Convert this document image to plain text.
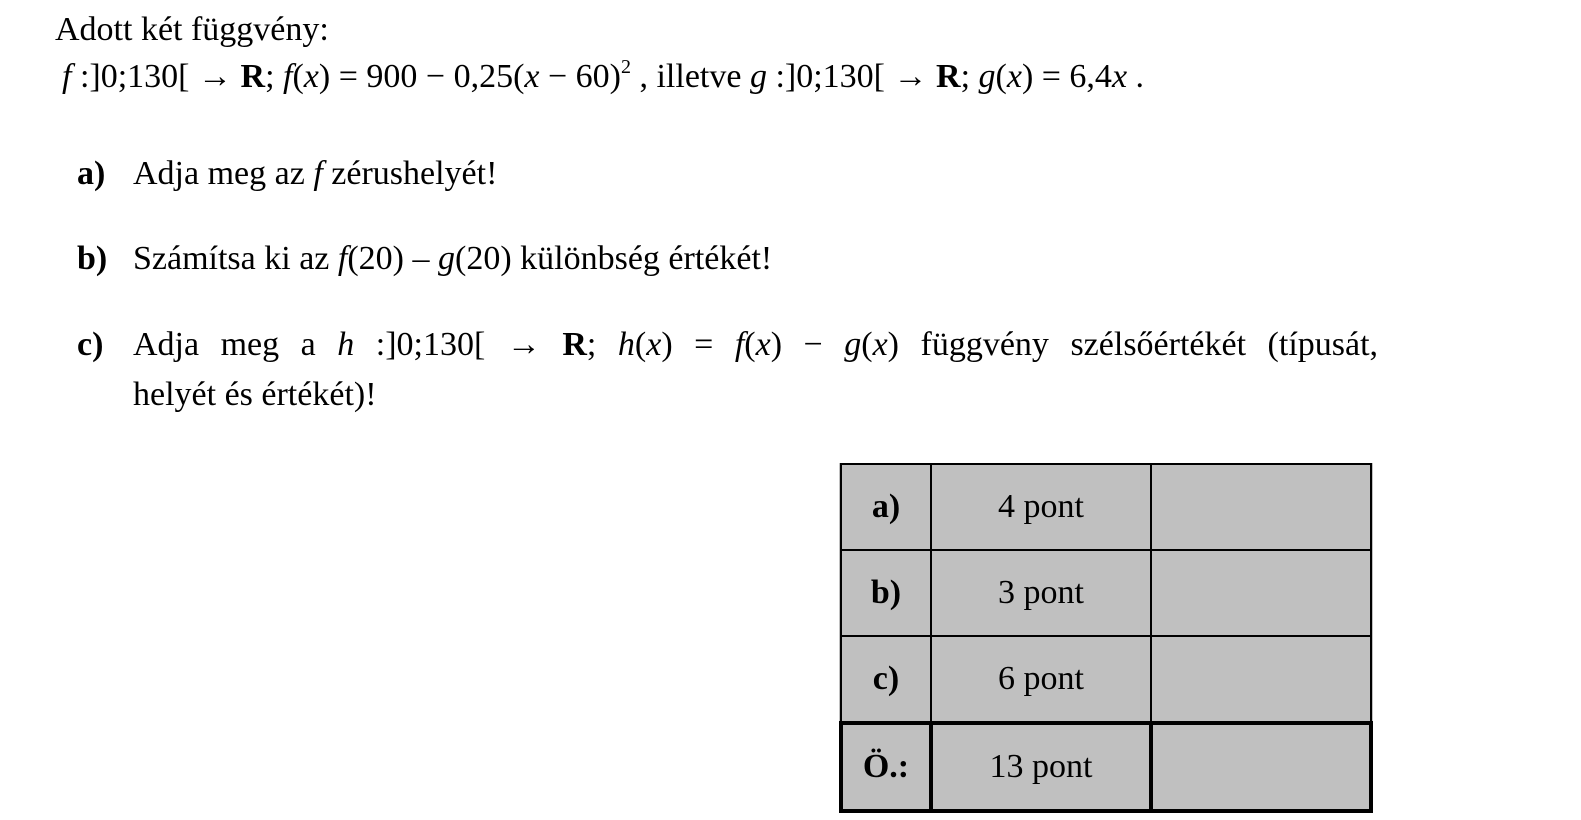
Adott két függvény:
f :]0;130[ → R; $f(x) = 900 - 0,25(x - 60)^2$ , illetve g :]0;130[ → R; g(x) = 6,4x .
a) Adja meg az f zérushelyét!
b) Számítsa ki az f(20) – g(20) különbség értékét!
c) Adja meg a h :]0;130[ → R; h(x) = f(x) − g(x) függvény szélsőértékét (típusát,
helyét és értékét)!
a)	4 pont	
b)	3 pont	
c)	6 pont	
Ö.:	13 pont	
